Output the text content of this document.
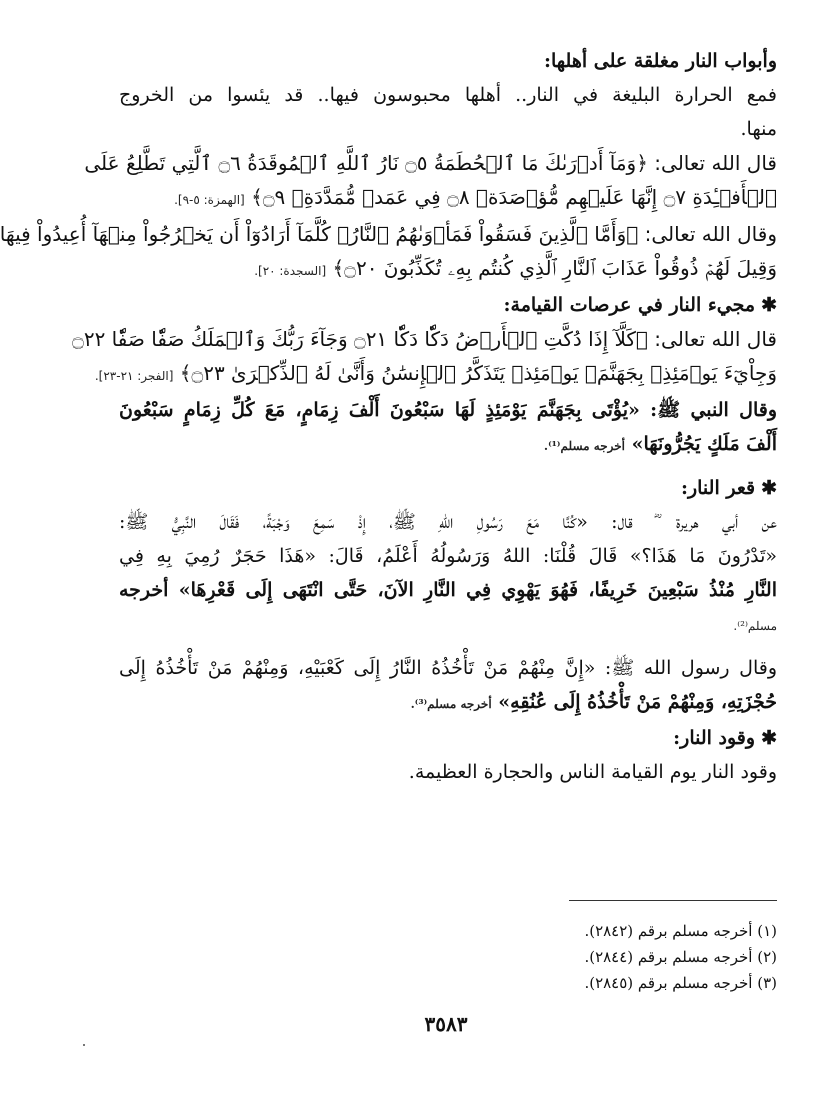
وأبواب النار مغلقة على أهلها:
فمع الحرارة البليغة في النار.. أهلها محبوسون فيها.. قد يئسوا من الخروج
منها.
قال الله تعالى: ﴿وَمَآ أَدۡرَىٰكَ مَا ٱلۡحُطَمَةُ ۝٥ نَارُ ٱللَّهِ ٱلۡمُوقَدَةُ ۝٦ ٱلَّتِي تَطَّلِعُ عَلَى
ٱلۡأَفۡـِٔدَةِ ۝٧ إِنَّهَا عَلَيۡهِم مُّؤۡصَدَةٞ ۝٨ فِي عَمَدٖ مُّمَدَّدَةِۭ ۝٩﴾ [الهمزة: ٥-٩].
وقال الله تعالى: ﴿وَأَمَّا ٱلَّذِينَ فَسَقُواْ فَمَأۡوَىٰهُمُ ٱلنَّارُۖ كُلَّمَآ أَرَادُوٓاْ أَن يَخۡرُجُواْ مِنۡهَآ أُعِيدُواْ فِيهَا
وَقِيلَ لَهُمۡ ذُوقُواْ عَذَابَ ٱلنَّارِ ٱلَّذِي كُنتُم بِهِۦ تُكَذِّبُونَ ۝٢٠﴾ [السجدة: ٢٠].
✱مجيء النار في عرصات القيامة:
قال الله تعالى: ﴿كَلَّآ إِذَا دُكَّتِ ٱلۡأَرۡضُ دَكّٗا دَكّٗا ۝٢١ وَجَآءَ رَبُّكَ وَٱلۡمَلَكُ صَفّٗا صَفّٗا ۝٢٢
وَجِاْيٓءَ يَوۡمَئِذِۭ بِجَهَنَّمَۚ يَوۡمَئِذٖ يَتَذَكَّرُ ٱلۡإِنسَٰنُ وَأَنَّىٰ لَهُ ٱلذِّكۡرَىٰ ۝٢٣﴾ [الفجر: ٢١-٢٣].
وقال النبي ﷺ: «يُؤْتَى بِجَهَنَّمَ يَوْمَئِذٍ لَهَا سَبْعُونَ أَلْفَ زِمَامٍ، مَعَ كُلِّ زِمَامٍ سَبْعُونَ
أَلْفَ مَلَكٍ يَجُرُّونَهَا» أخرجه مسلم⁽¹⁾.
✱قعر النار:
عن أبي هريرة ؓ قال: «كُنَّا مَعَ رَسُولِ اللهِ ﷺ، إِذْ سَمِعَ وَجْبَةً، فَقَالَ النَّبِيُّ ﷺ:
«تَدْرُونَ مَا هَذَا؟» قَالَ قُلْنَا: اللهُ وَرَسُولُهُ أَعْلَمُ، قَالَ: «هَذَا حَجَرٌ رُمِيَ بِهِ فِي
النَّارِ مُنْذُ سَبْعِينَ خَرِيفًا، فَهُوَ يَهْوِي فِي النَّارِ الآنَ، حَتَّى انْتَهَى إِلَى قَعْرِهَا» أخرجه
مسلم⁽²⁾.
وقال رسول الله ﷺ: «إِنَّ مِنْهُمْ مَنْ تَأْخُذُهُ النَّارُ إِلَى كَعْبَيْهِ، وَمِنْهُمْ مَنْ تَأْخُذُهُ إِلَى
حُجْزَتِهِ، وَمِنْهُمْ مَنْ تَأْخُذُهُ إِلَى عُنُقِهِ» أخرجه مسلم⁽³⁾.
✱وقود النار:
وقود النار يوم القيامة الناس والحجارة العظيمة.
(١) أخرجه مسلم برقم (٢٨٤٢).
(٢) أخرجه مسلم برقم (٢٨٤٤).
(٣) أخرجه مسلم برقم (٢٨٤٥).
٣٥٨٣
